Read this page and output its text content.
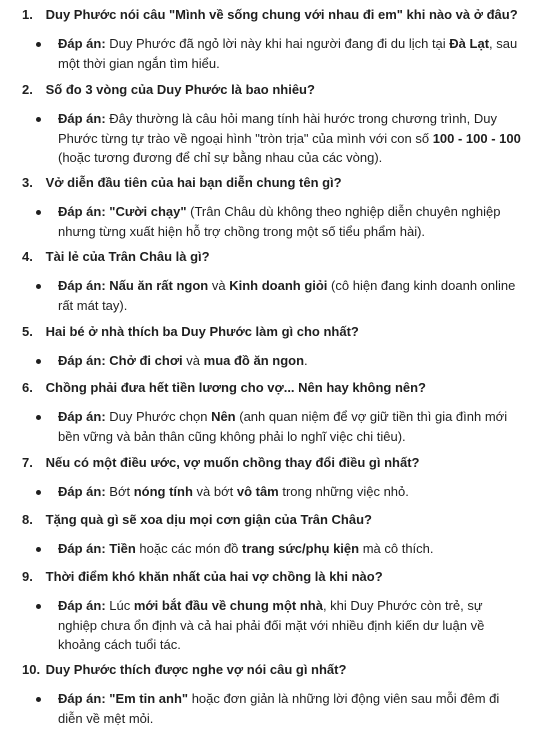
1. Duy Phước nói câu "Mình về sống chung với nhau đi em" khi nào và ở đâu?
Đáp án: Duy Phước đã ngỏ lời này khi hai người đang đi du lịch tại Đà Lạt, sau một thời gian ngắn tìm hiểu.
2. Số đo 3 vòng của Duy Phước là bao nhiêu?
Đáp án: Đây thường là câu hỏi mang tính hài hước trong chương trình, Duy Phước từng tự trào về ngoại hình "tròn trịa" của mình với con số 100 - 100 - 100 (hoặc tương đương để chỉ sự bằng nhau của các vòng).
3. Vở diễn đầu tiên của hai bạn diễn chung tên gì?
Đáp án: "Cười chạy" (Trân Châu dù không theo nghiệp diễn chuyên nghiệp nhưng từng xuất hiện hỗ trợ chồng trong một số tiểu phẩm hài).
4. Tài lẻ của Trân Châu là gì?
Đáp án: Nấu ăn rất ngon và Kinh doanh giỏi (cô hiện đang kinh doanh online rất mát tay).
5. Hai bé ở nhà thích ba Duy Phước làm gì cho nhất?
Đáp án: Chở đi chơi và mua đồ ăn ngon.
6. Chồng phải đưa hết tiền lương cho vợ... Nên hay không nên?
Đáp án: Duy Phước chọn Nên (anh quan niệm để vợ giữ tiền thì gia đình mới bền vững và bản thân cũng không phải lo nghĩ việc chi tiêu).
7. Nếu có một điều ước, vợ muốn chồng thay đổi điều gì nhất?
Đáp án: Bớt nóng tính và bớt vô tâm trong những việc nhỏ.
8. Tặng quà gì sẽ xoa dịu mọi cơn giận của Trân Châu?
Đáp án: Tiền hoặc các món đồ trang sức/phụ kiện mà cô thích.
9. Thời điểm khó khăn nhất của hai vợ chồng là khi nào?
Đáp án: Lúc mới bắt đầu về chung một nhà, khi Duy Phước còn trẻ, sự nghiệp chưa ổn định và cả hai phải đối mặt với nhiều định kiến dư luận về khoảng cách tuổi tác.
10. Duy Phước thích được nghe vợ nói câu gì nhất?
Đáp án: "Em tin anh" hoặc đơn giản là những lời động viên sau mỗi đêm đi diễn về mệt mỏi.
